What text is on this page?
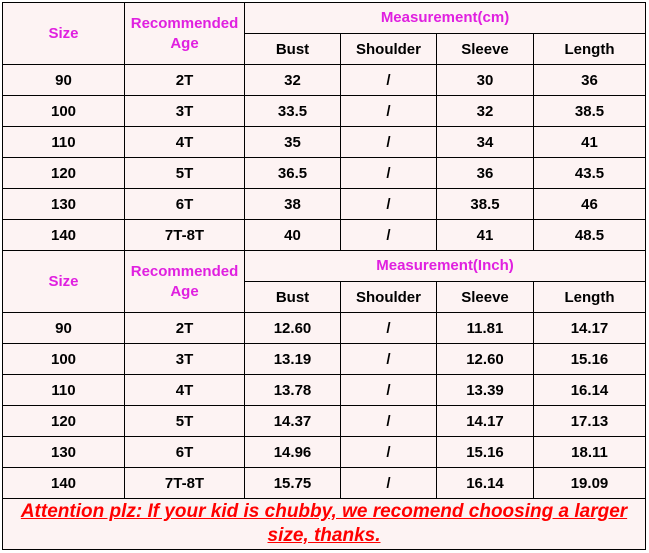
Size	Recommended Age	Measurement(cm)			
		Bust	Shoulder	Sleeve	Length
90	2T	32	/	30	36
100	3T	33.5	/	32	38.5
110	4T	35	/	34	41
120	5T	36.5	/	36	43.5
130	6T	38	/	38.5	46
140	7T-8T	40	/	41	48.5
Size	Recommended Age	Measurement(Inch)			
		Bust	Shoulder	Sleeve	Length
90	2T	12.60	/	11.81	14.17
100	3T	13.19	/	12.60	15.16
110	4T	13.78	/	13.39	16.14
120	5T	14.37	/	14.17	17.13
130	6T	14.96	/	15.16	18.11
140	7T-8T	15.75	/	16.14	19.09
Attention plz: If your kid is chubby, we recomend choosing a larger size, thanks.					
